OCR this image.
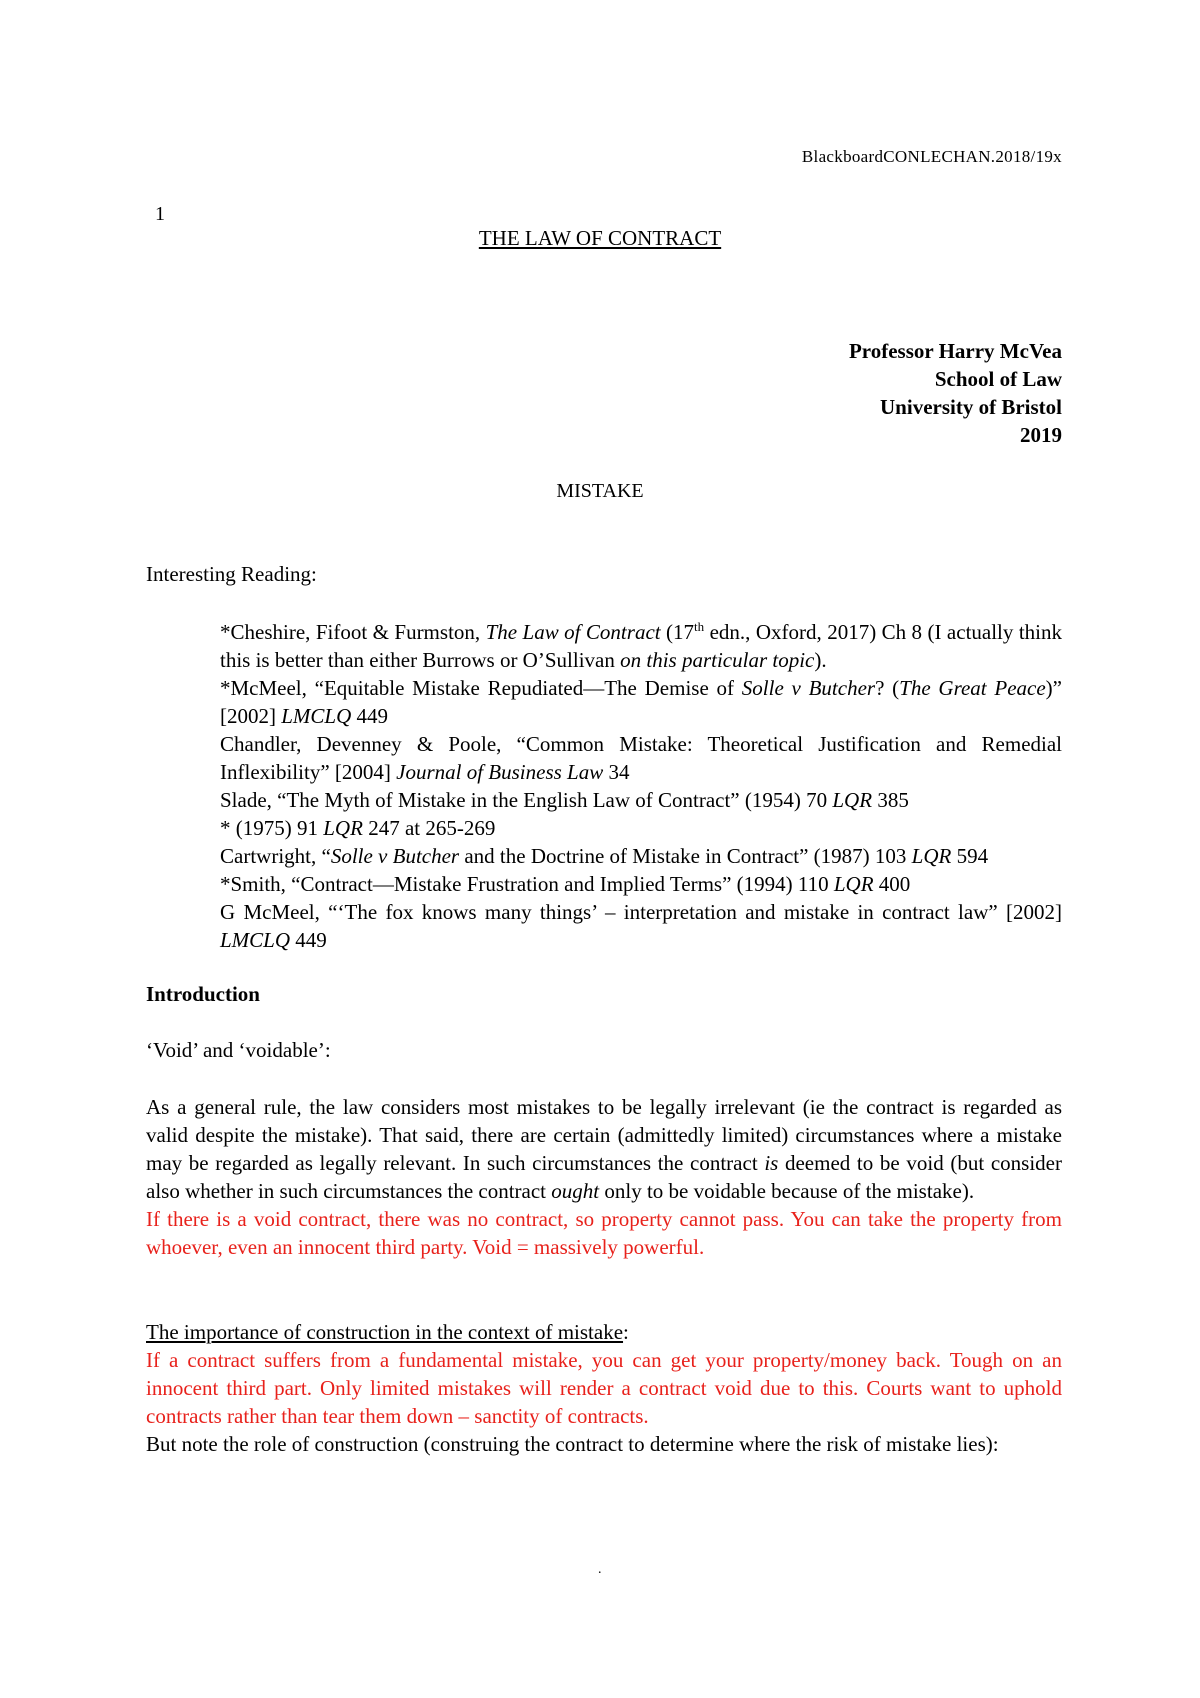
BlackboardCONLECHAN.2018/19x
1
THE LAW OF CONTRACT
Professor Harry McVea
School of Law
University of Bristol
2019
MISTAKE
Interesting Reading:
*Cheshire, Fifoot & Furmston, The Law of Contract (17th edn., Oxford, 2017) Ch 8 (I actually think this is better than either Burrows or O’Sullivan on this particular topic).
*McMeel, “Equitable Mistake Repudiated—The Demise of Solle v Butcher? (The Great Peace)” [2002] LMCLQ 449
Chandler, Devenney & Poole, “Common Mistake: Theoretical Justification and Remedial Inflexibility” [2004] Journal of Business Law 34
Slade, “The Myth of Mistake in the English Law of Contract” (1954) 70 LQR 385
* (1975) 91 LQR 247 at 265-269
Cartwright, “Solle v Butcher and the Doctrine of Mistake in Contract” (1987) 103 LQR 594
*Smith, “Contract—Mistake Frustration and Implied Terms” (1994) 110 LQR 400
G McMeel, “‘The fox knows many things’ – interpretation and mistake in contract law” [2002] LMCLQ 449
Introduction
‘Void’ and ‘voidable’:

As a general rule, the law considers most mistakes to be legally irrelevant (ie the contract is regarded as valid despite the mistake). That said, there are certain (admittedly limited) circumstances where a mistake may be regarded as legally relevant. In such circumstances the contract is deemed to be void (but consider also whether in such circumstances the contract ought only to be voidable because of the mistake).

If there is a void contract, there was no contract, so property cannot pass. You can take the property from whoever, even an innocent third party. Void = massively powerful.

The importance of construction in the context of mistake:

If a contract suffers from a fundamental mistake, you can get your property/money back. Tough on an innocent third part. Only limited mistakes will render a contract void due to this. Courts want to uphold contracts rather than tear them down – sanctity of contracts.

But note the role of construction (construing the contract to determine where the risk of mistake lies):

.
